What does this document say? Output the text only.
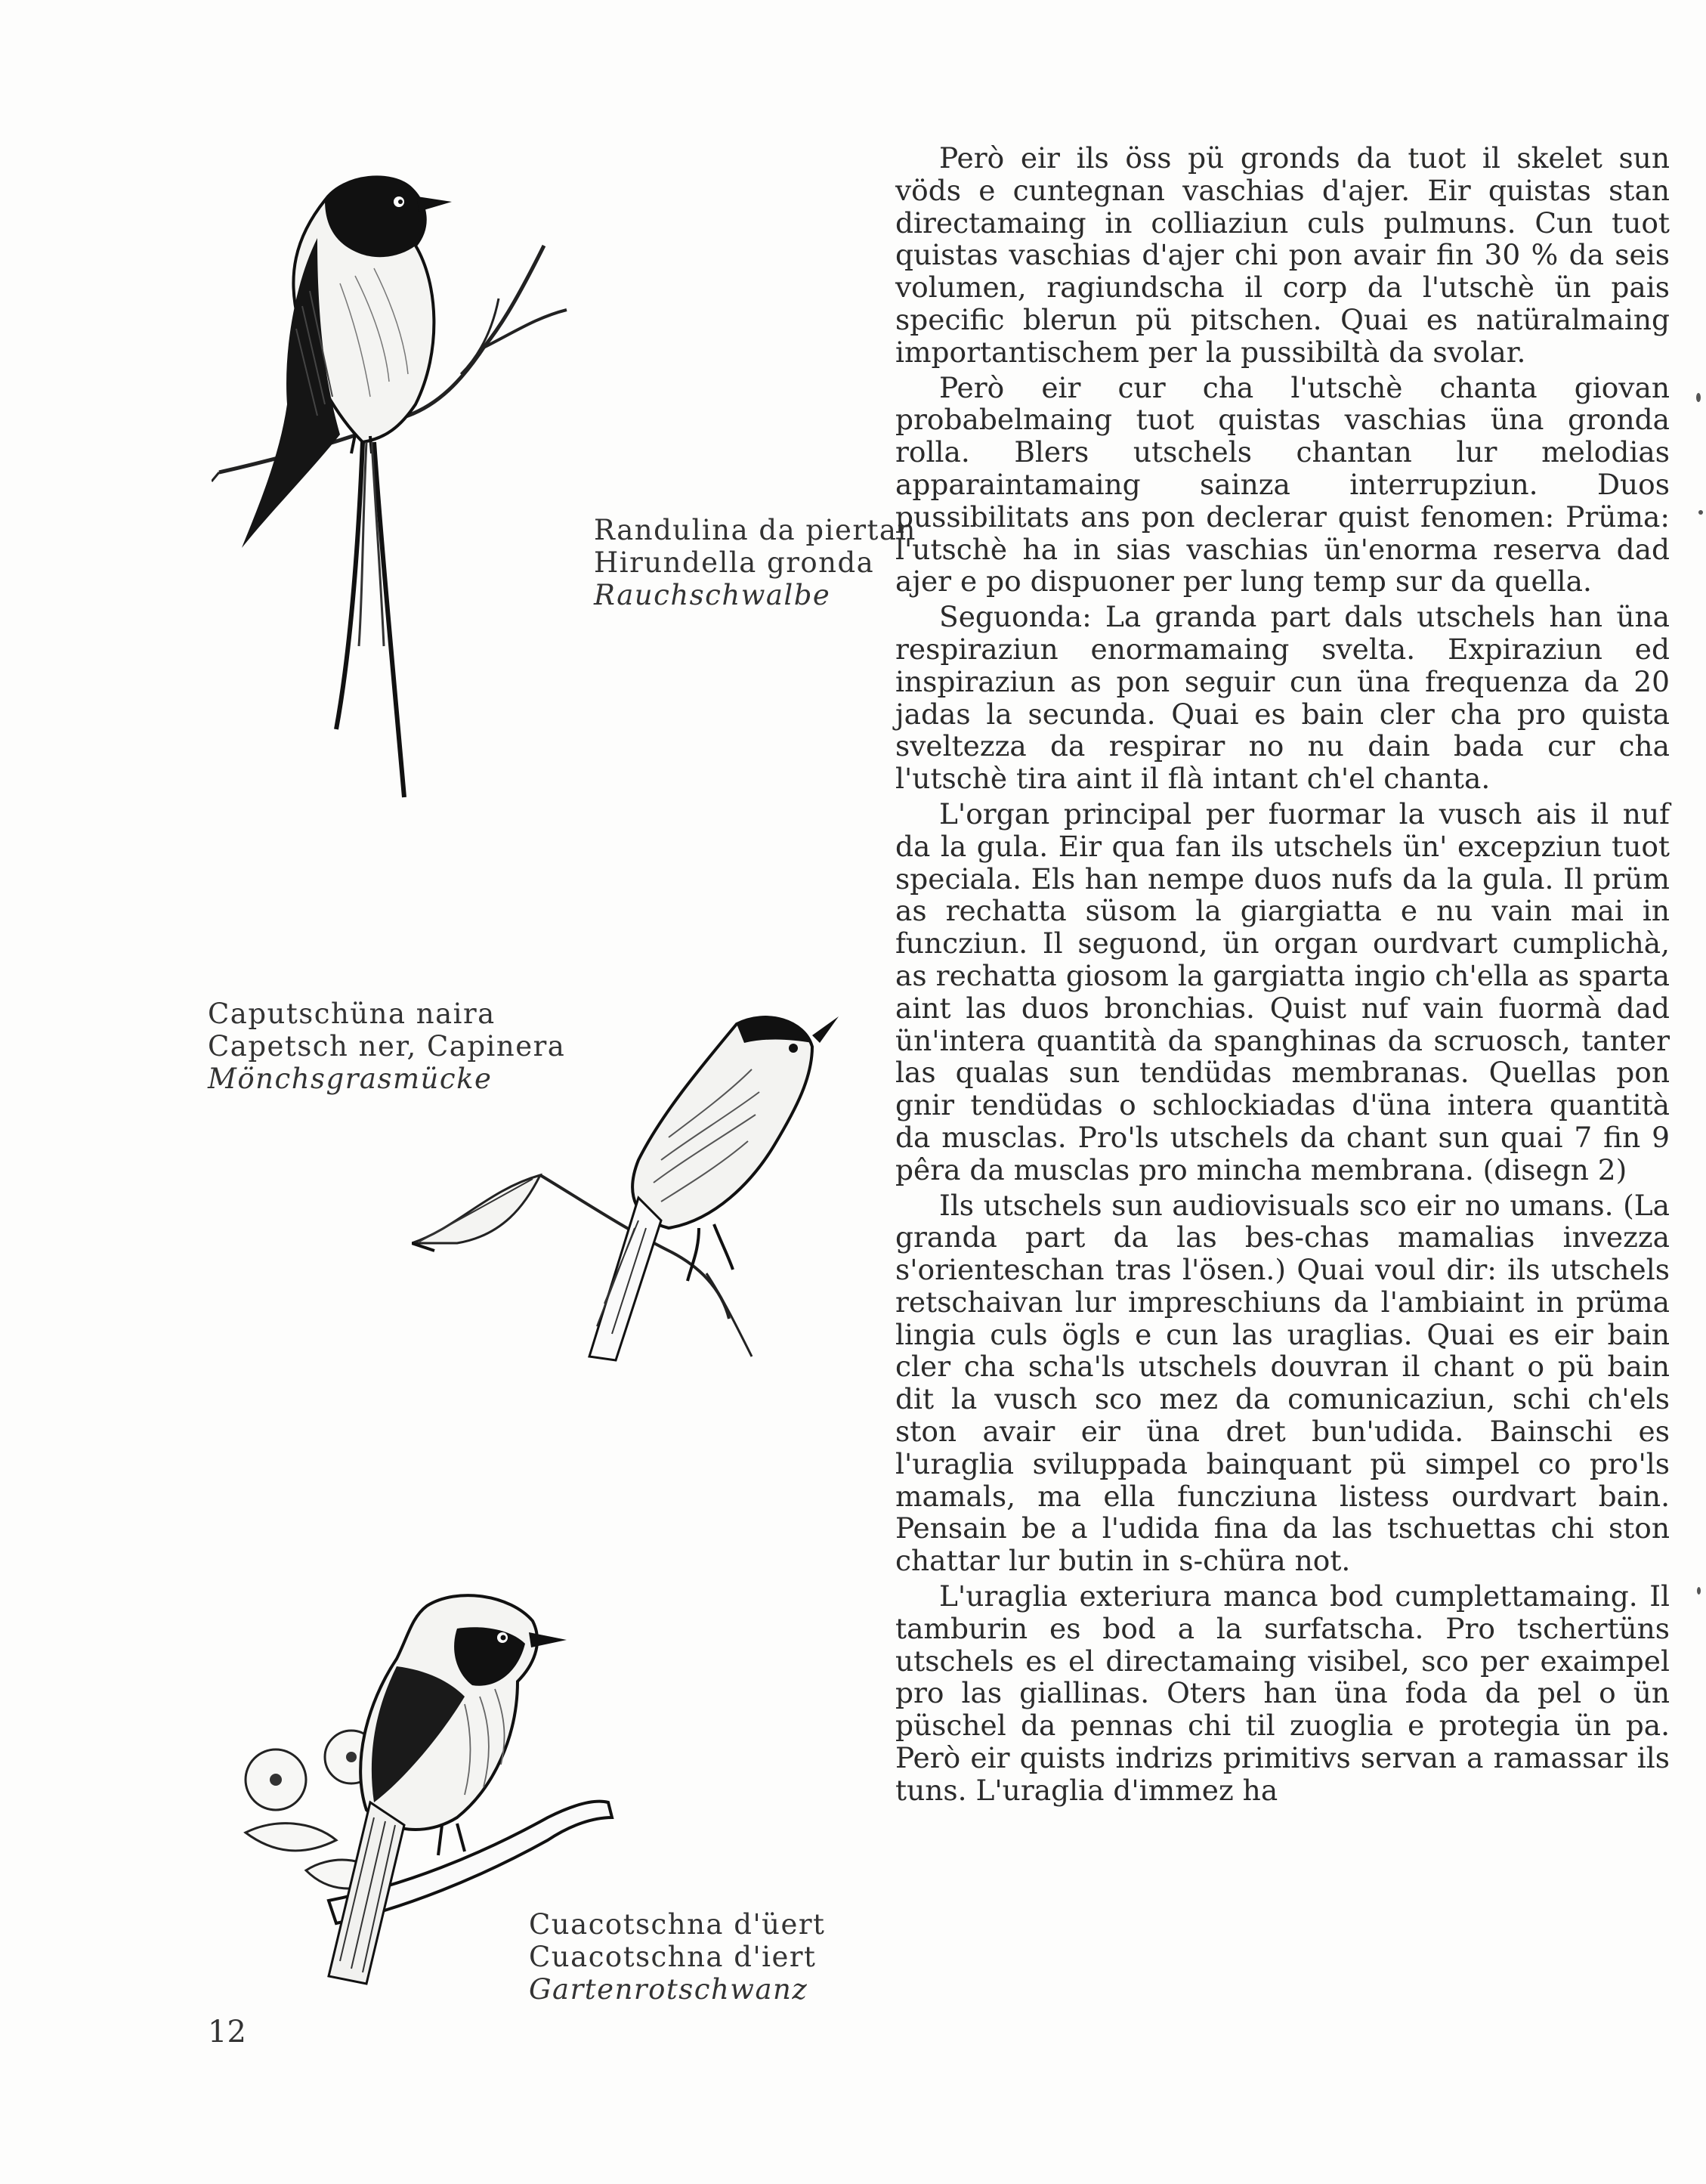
Randulina da piertan
Hirundella gronda
Rauchschwalbe
Caputschüna naira
Capetsch ner, Capinera
Mönchsgrasmücke
Cuacotschna d'üert
Cuacotschna d'iert
Gartenrotschwanz

Però eir ils öss pü gronds da tuot il skelet sun vöds e cuntegnan vaschias d'ajer. Eir quistas stan directamaing in colliaziun culs pulmuns. Cun tuot quistas vaschias d'ajer chi pon avair fin 30 % da seis volumen, ragiundscha il corp da l'utschè ün pais specific blerun pü pitschen. Quai es natüralmaing importantischem per la pussibiltà da svolar.

Però eir cur cha l'utschè chanta giovan probabelmaing tuot quistas vaschias üna gronda rolla. Blers utschels chantan lur melodias apparaintamaing sainza interrupziun. Duos pussibilitats ans pon declerar quist fenomen: Prüma: l'utschè ha in sias vaschias ün'enorma reserva dad ajer e po dispuoner per lung temp sur da quella.

Seguonda: La granda part dals utschels han üna respiraziun enormamaing svelta. Expiraziun ed inspiraziun as pon seguir cun üna frequenza da 20 jadas la secunda. Quai es bain cler cha pro quista sveltezza da respirar no nu dain bada cur cha l'utschè tira aint il flà intant ch'el chanta.

L'organ principal per fuormar la vusch ais il nuf da la gula. Eir qua fan ils utschels ün' excepziun tuot speciala. Els han nempe duos nufs da la gula. Il prüm as rechatta süsom la giargiatta e nu vain mai in funcziun. Il seguond, ün organ ourdvart cumplichà, as rechatta giosom la gargiatta ingio ch'ella as sparta aint las duos bronchias. Quist nuf vain fuormà dad ün'intera quantità da spanghinas da scruosch, tanter las qualas sun tendüdas membranas. Quellas pon gnir tendüdas o schlockiadas d'üna intera quantità da musclas. Pro'ls utschels da chant sun quai 7 fin 9 pêra da musclas pro mincha membrana. (disegn 2)

Ils utschels sun audiovisuals sco eir no umans. (La granda part da las bes-chas mamalias invezza s'orienteschan tras l'ösen.) Quai voul dir: ils utschels retschaivan lur impreschiuns da l'ambiaint in prüma lingia culs ögls e cun las uraglias. Quai es eir bain cler cha scha'ls utschels douvran il chant o pü bain dit la vusch sco mez da comunicaziun, schi ch'els ston avair eir üna dret bun'udida. Bainschi es l'uraglia sviluppada bainquant pü simpel co pro'ls mamals, ma ella funcziuna listess ourdvart bain. Pensain be a l'udida fina da las tschuettas chi ston chattar lur butin in s-chüra not.

L'uraglia exteriura manca bod cumplettamaing. Il tamburin es bod a la surfatscha. Pro tschertüns utschels es el directamaing visibel, sco per exaimpel pro las giallinas. Oters han üna foda da pel o ün püschel da pennas chi til zuoglia e protegia ün pa. Però eir quists indrizs primitivs servan a ramassar ils tuns. L'uraglia d'immez ha

12
